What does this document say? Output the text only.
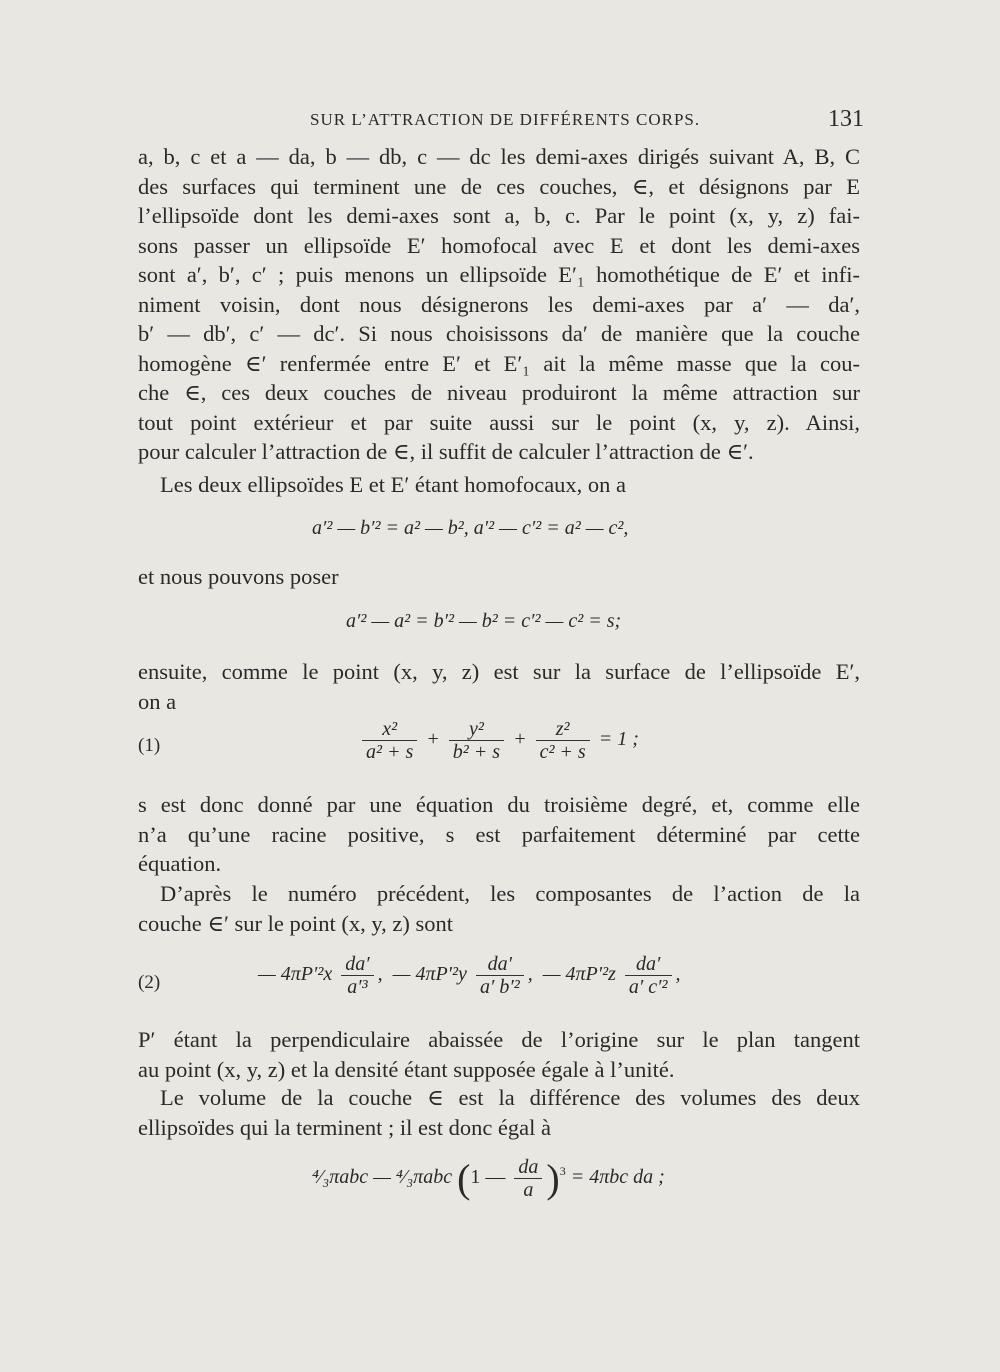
SUR L’ATTRACTION DE DIFFÉRENTS CORPS.	131
a, b, c et a — da, b — db, c — dc les demi-axes dirigés suivant A, B, C
des surfaces qui terminent une de ces couches, ∈, et désignons par E
l’ellipsoïde dont les demi-axes sont a, b, c. Par le point (x, y, z) fai-
sons passer un ellipsoïde E′ homofocal avec E et dont les demi-axes
sont a′, b′, c′ ; puis menons un ellipsoïde E′₁ homothétique de E′ et infi-
niment voisin, dont nous désignerons les demi-axes par a′ — da′,
b′ — db′, c′ — dc′. Si nous choisissons da′ de manière que la couche
homogène ∈′ renfermée entre E′ et E′₁ ait la même masse que la cou-
che ∈, ces deux couches de niveau produiront la même attraction sur
tout point extérieur et par suite aussi sur le point (x, y, z). Ainsi,
pour calculer l’attraction de ∈, il suffit de calculer l’attraction de ∈′.
Les deux ellipsoïdes E et E′ étant homofocaux, on a
a′² — b′² = a² — b², a′² — c′² = a² — c²,
et nous pouvons poser
a′² — a² = b′² — b² = c′² — c² = s;
ensuite, comme le point (x, y, z) est sur la surface de l’ellipsoïde E′,
on a
(1)	$\frac{\text{x²}}{\text{a² + s}} + \frac{\text{y²}}{\text{b² + s}} + \frac{\text{z²}}{\text{c² + s}} = 1$ ;
s est donc donné par une équation du troisième degré, et, comme elle
n’a qu’une racine positive, s est parfaitement déterminé par cette
équation.
D’après le numéro précédent, les composantes de l’action de la
couche ∈′ sur le point (x, y, z) sont
(2)	— $4\pi P'^2x \frac{da'}{\text{a′³}}$ ,  — $4\pi P'^2y \frac{da'}{\text{a′ b′²}}$ ,  — $4\pi P'^2z \frac{da'}{\text{a′ c′²}}$ ,
P′ étant la perpendiculaire abaissée de l’origine sur le plan tangent
au point (x, y, z) et la densité étant supposée égale à l’unité.
Le volume de la couche ∈ est la différence des volumes des deux
ellipsoïdes qui la terminent ; il est donc égal à
⁴⁄₃πabc — ⁴⁄₃πabc (1 — $\frac{da}{a} )^3 = 4\pi bc$ da ;
